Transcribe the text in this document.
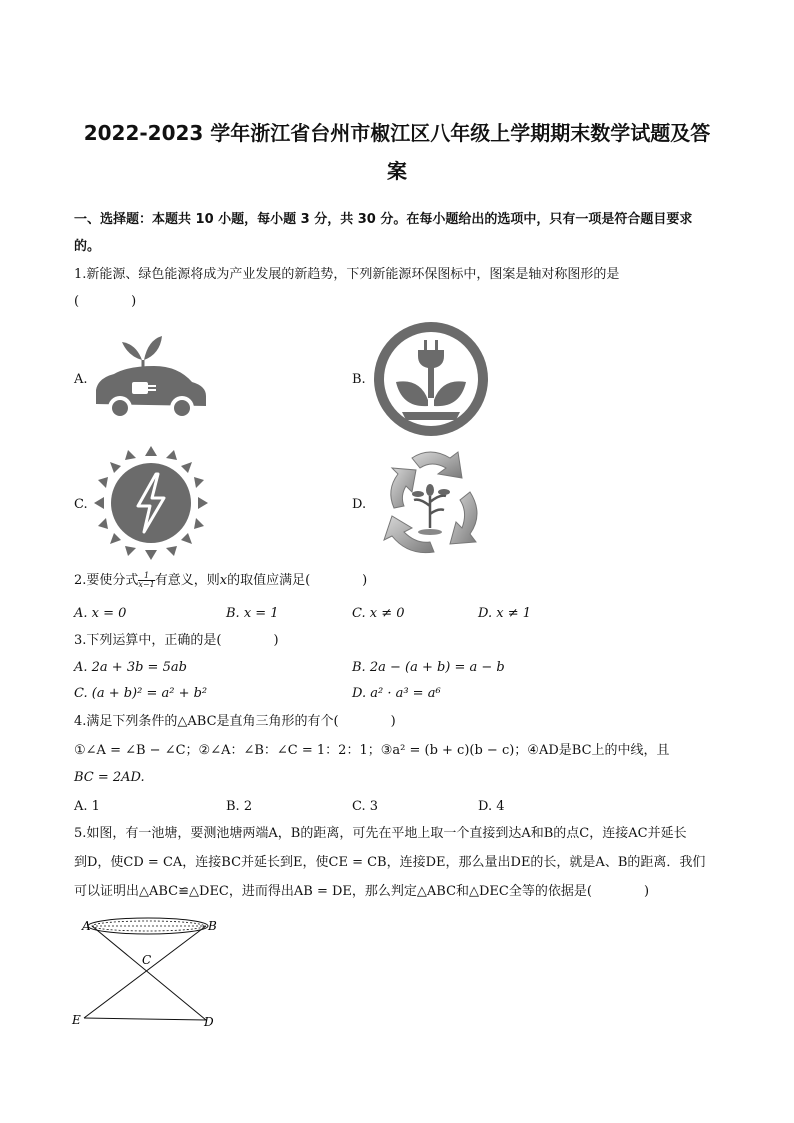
2022-2023 学年浙江省台州市椒江区八年级上学期期末数学试题及答
案
一、选择题：本题共 10 小题，每小题 3 分，共 30 分。在每小题给出的选项中，只有一项是符合题目要求
的。
1.新能源、绿色能源将成为产业发展的新趋势，下列新能源环保图标中，图案是轴对称图形的是
(　　　　)
A.	B.
C.	D.
2.要使分式 $\frac{1}{x-1}$ 有意义，则x的取值应满足(　　　　)
A. x = 0	B. x = 1	C. x ≠ 0	D. x ≠ 1
3.下列运算中，正确的是(　　　　)
A. 2a + 3b = 5ab	B. 2a − (a + b) = a − b
C. (a + b)² = a² + b²	D. a² · a³ = a⁶
4.满足下列条件的△ABC是直角三角形的有个(　　　　)
①∠A = ∠B − ∠C；②∠A：∠B：∠C = 1：2：1；③a² = (b + c)(b − c)；④AD是BC上的中线，且
BC = 2AD.
A. 1	B. 2	C. 3	D. 4
5.如图，有一池塘，要测池塘两端A，B的距离，可先在平地上取一个直接到达A和B的点C，连接AC并延长
到D，使CD = CA，连接BC并延长到E，使CE = CB，连接DE，那么量出DE的长，就是A、B的距离．我们
可以证明出△ABC≌△DEC，进而得出AB = DE，那么判定△ABC和△DEC全等的依据是(　　　　)
A	B
C
D
E
